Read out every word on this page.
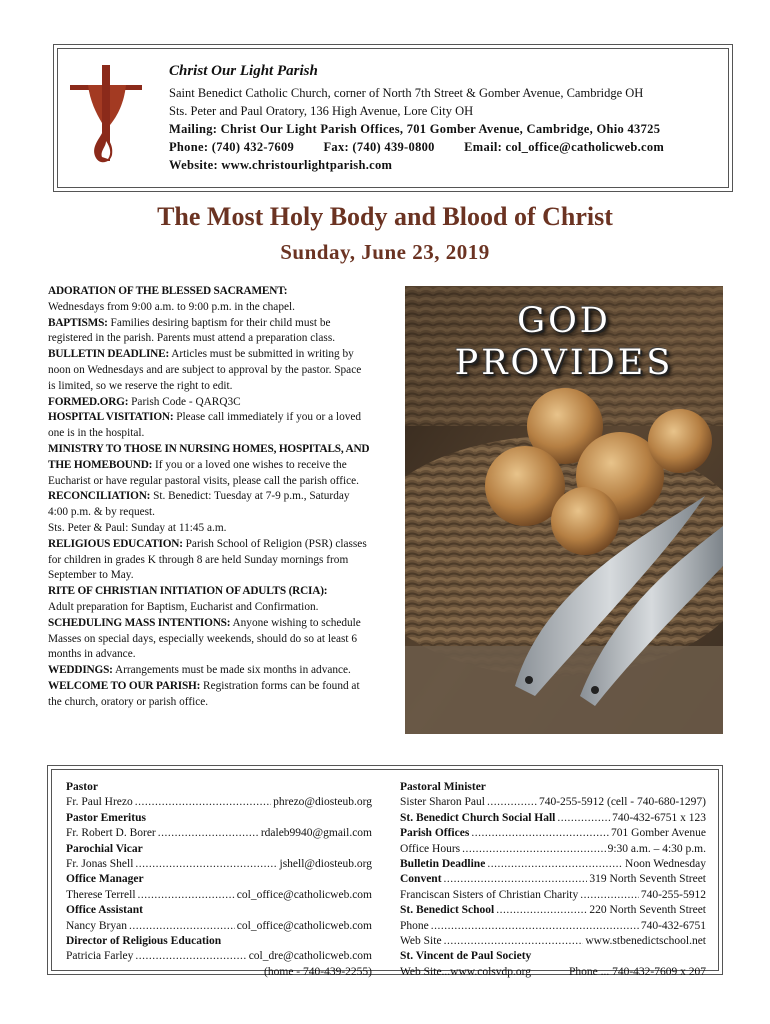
Christ Our Light Parish
Saint Benedict Catholic Church, corner of North 7th Street & Gomber Avenue, Cambridge OH
Sts. Peter and Paul Oratory, 136 High Avenue, Lore City OH
Mailing: Christ Our Light Parish Offices, 701 Gomber Avenue, Cambridge, Ohio 43725
Phone: (740) 432-7609 Fax: (740) 439-0800 Email: col_office@catholicweb.com
Website: www.christourlightparish.com
The Most Holy Body and Blood of Christ
Sunday, June 23, 2019

ADORATION OF THE BLESSED SACRAMENT:

Wednesdays from 9:00 a.m. to 9:00 p.m. in the chapel.

BAPTISMS: Families desiring baptism for their child must be registered in the parish. Parents must attend a preparation class.

BULLETIN DEADLINE: Articles must be submitted in writing by noon on Wednesdays and are subject to approval by the pastor. Space is limited, so we reserve the right to edit.

FORMED.ORG: Parish Code - QARQ3C

HOSPITAL VISITATION: Please call immediately if you or a loved one is in the hospital.

MINISTRY TO THOSE IN NURSING HOMES, HOSPITALS, AND THE HOMEBOUND: If you or a loved one wishes to receive the Eucharist or have regular pastoral visits, please call the parish office.

RECONCILIATION: St. Benedict: Tuesday at 7-9 p.m., Saturday 4:00 p.m. & by request.

Sts. Peter & Paul: Sunday at 11:45 a.m.

RELIGIOUS EDUCATION: Parish School of Religion (PSR) classes for children in grades K through 8 are held Sunday mornings from September to May.

RITE OF CHRISTIAN INITIATION OF ADULTS (RCIA):

Adult preparation for Baptism, Eucharist and Confirmation.

SCHEDULING MASS INTENTIONS: Anyone wishing to schedule Masses on special days, especially weekends, should do so at least 6 months in advance.

WEDDINGS: Arrangements must be made six months in advance.

WELCOME TO OUR PARISH: Registration forms can be found at the church, oratory or parish office.

GOD
PROVIDES
Pastor
Fr. Paul Hrezo .....	phrezo@diosteub.org
Pastor Emeritus
Fr. Robert D. Borer .....	rdaleb9940@gmail.com
Parochial Vicar
Fr. Jonas Shell .....	jshell@diosteub.org
Office Manager
Therese Terrell .....	col_office@catholicweb.com
Office Assistant
Nancy Bryan .....	col_office@catholicweb.com
Director of Religious Education
Patricia Farley .....	col_dre@catholicweb.com
(home - 740-439-2255)
Pastoral Minister
Sister Sharon Paul .....	740-255-5912 (cell - 740-680-1297)
St. Benedict Church Social Hall .....	740-432-6751 x 123
Parish Offices .....	701 Gomber Avenue
Office Hours .....	9:30 a.m. – 4:30 p.m.
Bulletin Deadline .....	Noon Wednesday
Convent .....	319 North Seventh Street
Franciscan Sisters of Christian Charity .....	740-255-5912
St. Benedict School .....	220 North Seventh Street
Phone .....	740-432-6751
Web Site .....	www.stbenedictschool.net
St. Vincent de Paul Society
Web Site...www.colsvdp.org	Phone ... 740-432-7609 x 207
